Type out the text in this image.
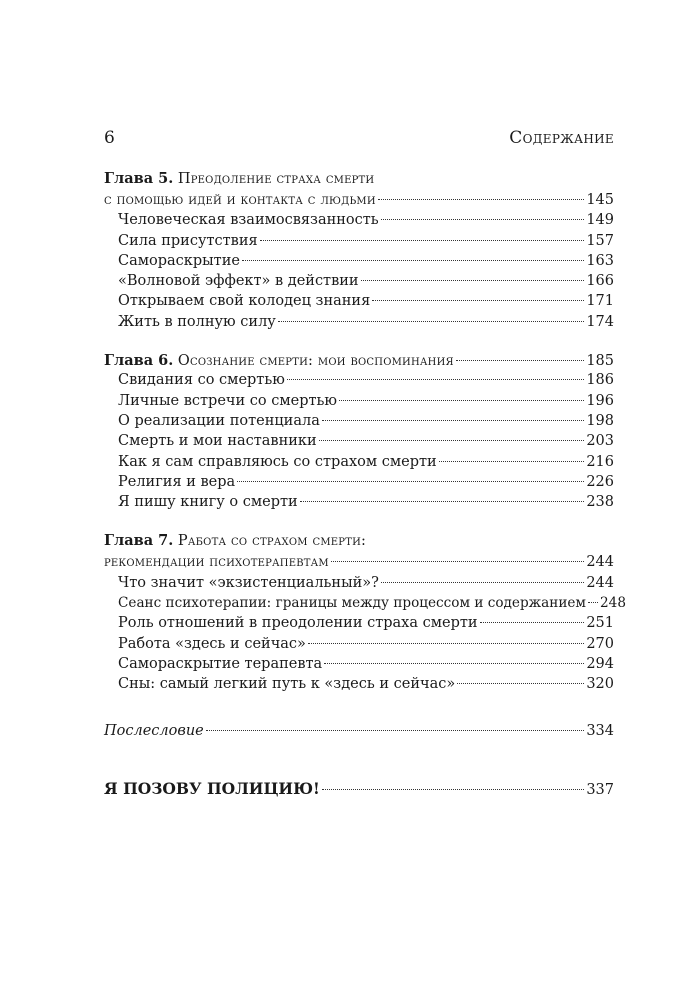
6	Содержание
Глава 5. Преодоление страха смерти
с помощью идей и контакта с людьми	145
Человеческая взаимосвязанность	149
Сила присутствия	157
Самораскрытие	163
«Волновой эффект» в действии	166
Открываем свой колодец знания	171
Жить в полную силу	174
Глава 6. Осознание смерти: мои воспоминания	185
Свидания со смертью	186
Личные встречи со смертью	196
О реализации потенциала	198
Смерть и мои наставники	203
Как я сам справляюсь со страхом смерти	216
Религия и вера	226
Я пишу книгу о смерти	238
Глава 7. Работа со страхом смерти:
рекомендации психотерапевтам	244
Что значит «экзистенциальный»?	244
Сеанс психотерапии: границы между процессом и содержанием 248
Роль отношений в преодолении страха смерти	251
Работа «здесь и сейчас»	270
Самораскрытие терапевта	294
Сны: самый легкий путь к «здесь и сейчас»	320
Послесловие	334
Я ПОЗОВУ ПОЛИЦИЮ!	337
